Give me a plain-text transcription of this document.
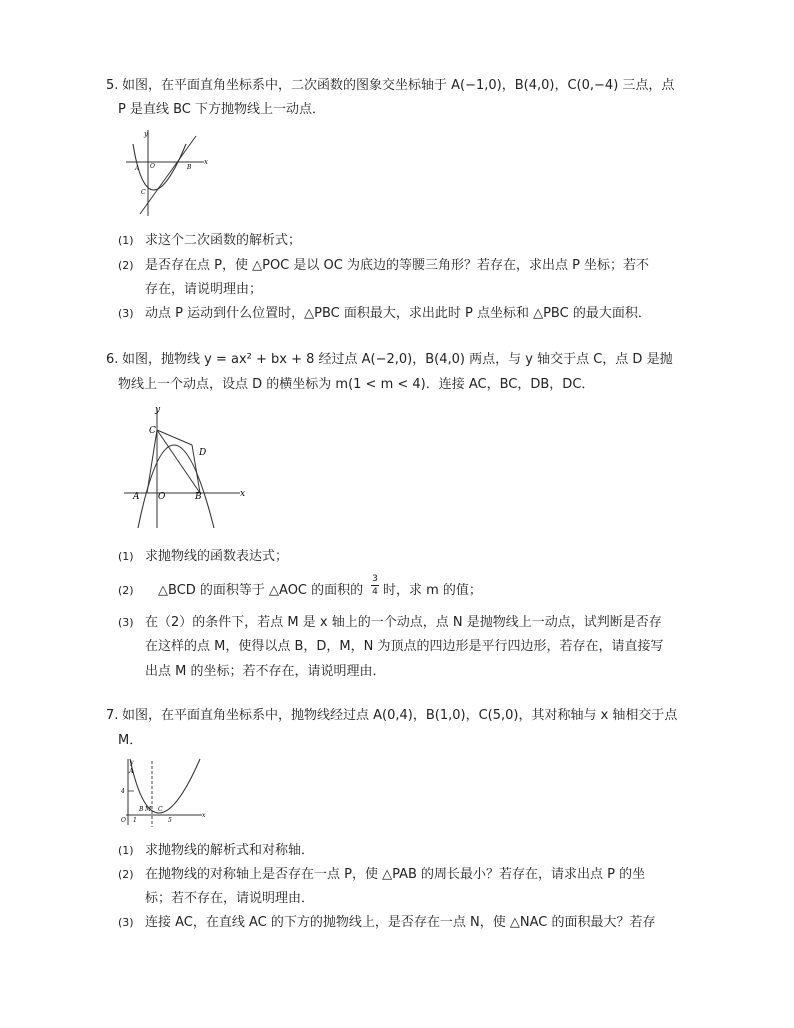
5. 如图，在平面直角坐标系中，二次函数的图象交坐标轴于 A(−1,0)，B(4,0)，C(0,−4) 三点，点
P 是直线 BC 下方抛物线上一动点．
y
x
A O	B
C
(1) 求这个二次函数的解析式；
(2) 是否存在点 P，使 △POC 是以 OC 为底边的等腰三角形？若存在，求出点 P 坐标；若不
存在，请说明理由；
(3) 动点 P 运动到什么位置时，△PBC 面积最大，求出此时 P 点坐标和 △PBC 的最大面积．
6. 如图，抛物线 y = ax² + bx + 8 经过点 A(−2,0)，B(4,0) 两点，与 y 轴交于点 C，点 D 是抛
物线上一个动点，设点 D 的横坐标为 m(1 < m < 4)．连接 AC，BC，DB，DC．
y
x
A O	B
C
D
(1) 求抛物线的函数表达式；
(2) △BCD 的面积等于 △AOC 的面积的
3
4 时，求 m 的值；
(3) 在（2）的条件下，若点 M 是 x 轴上的一个动点，点 N 是抛物线上一动点，试判断是否存
在这样的点 M，使得以点 B，D，M，N 为顶点的四边形是平行四边形，若存在，请直接写
出点 M 的坐标；若不存在，请说明理由．
7. 如图，在平面直角坐标系中，抛物线经过点 A(0,4)，B(1,0)，C(5,0)，其对称轴与 x 轴相交于点
M．
y
x
A
4
O 1	5
B M C
(1) 求抛物线的解析式和对称轴．
(2) 在抛物线的对称轴上是否存在一点 P，使 △PAB 的周长最小？若存在，请求出点 P 的坐
标；若不存在，请说明理由．
(3) 连接 AC，在直线 AC 的下方的抛物线上，是否存在一点 N，使 △NAC 的面积最大？若存
